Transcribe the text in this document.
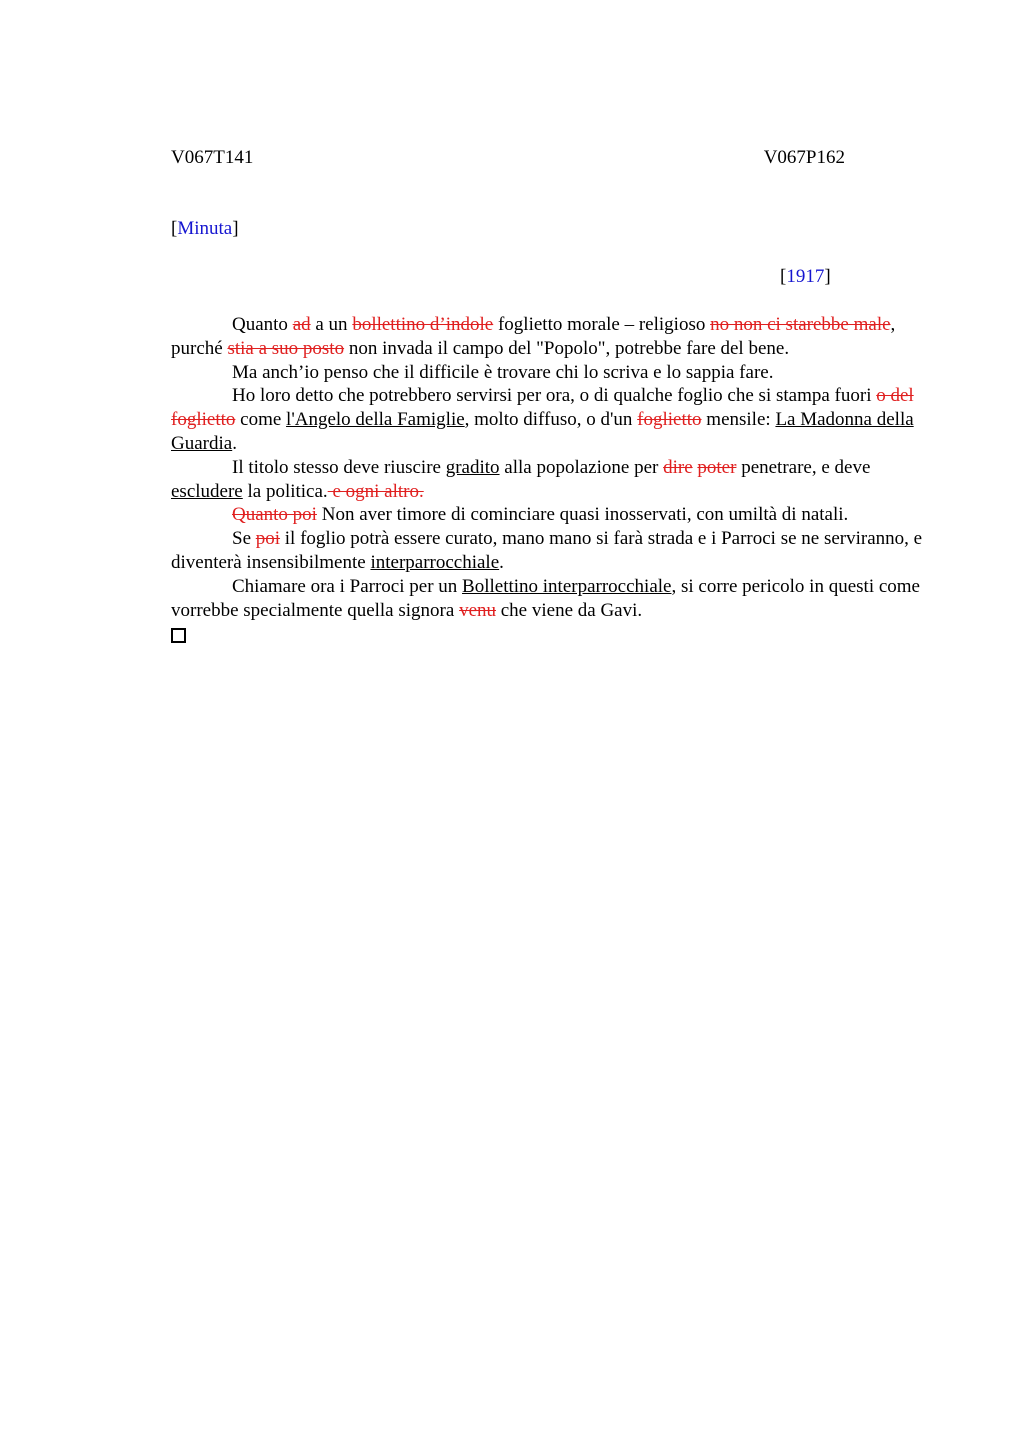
V067T141	V067P162
[Minuta]
[1917]

Quanto ad a un bollettino d’indole foglietto morale – religioso no non ci starebbe male, purché stia a suo posto non invada il campo del "Popolo", potrebbe fare del bene.

Ma anch’io penso che il difficile è trovare chi lo scriva e lo sappia fare.

Ho loro detto che potrebbero servirsi per ora, o di qualche foglio che si stampa fuori o del foglietto come l'Angelo della Famiglie, molto diffuso, o d'un foglietto mensile: La Madonna della Guardia.

Il titolo stesso deve riuscire gradito alla popolazione per dire poter penetrare, e deve escludere la politica. e ogni altro.

Quanto poi Non aver timore di cominciare quasi inosservati, con umiltà di natali.

Se poi il foglio potrà essere curato, mano mano si farà strada e i Parroci se ne serviranno, e diventerà insensibilmente interparrocchiale.

Chiamare ora i Parroci per un Bollettino interparrocchiale, si corre pericolo in questi come vorrebbe specialmente quella signora venu che viene da Gavi.
